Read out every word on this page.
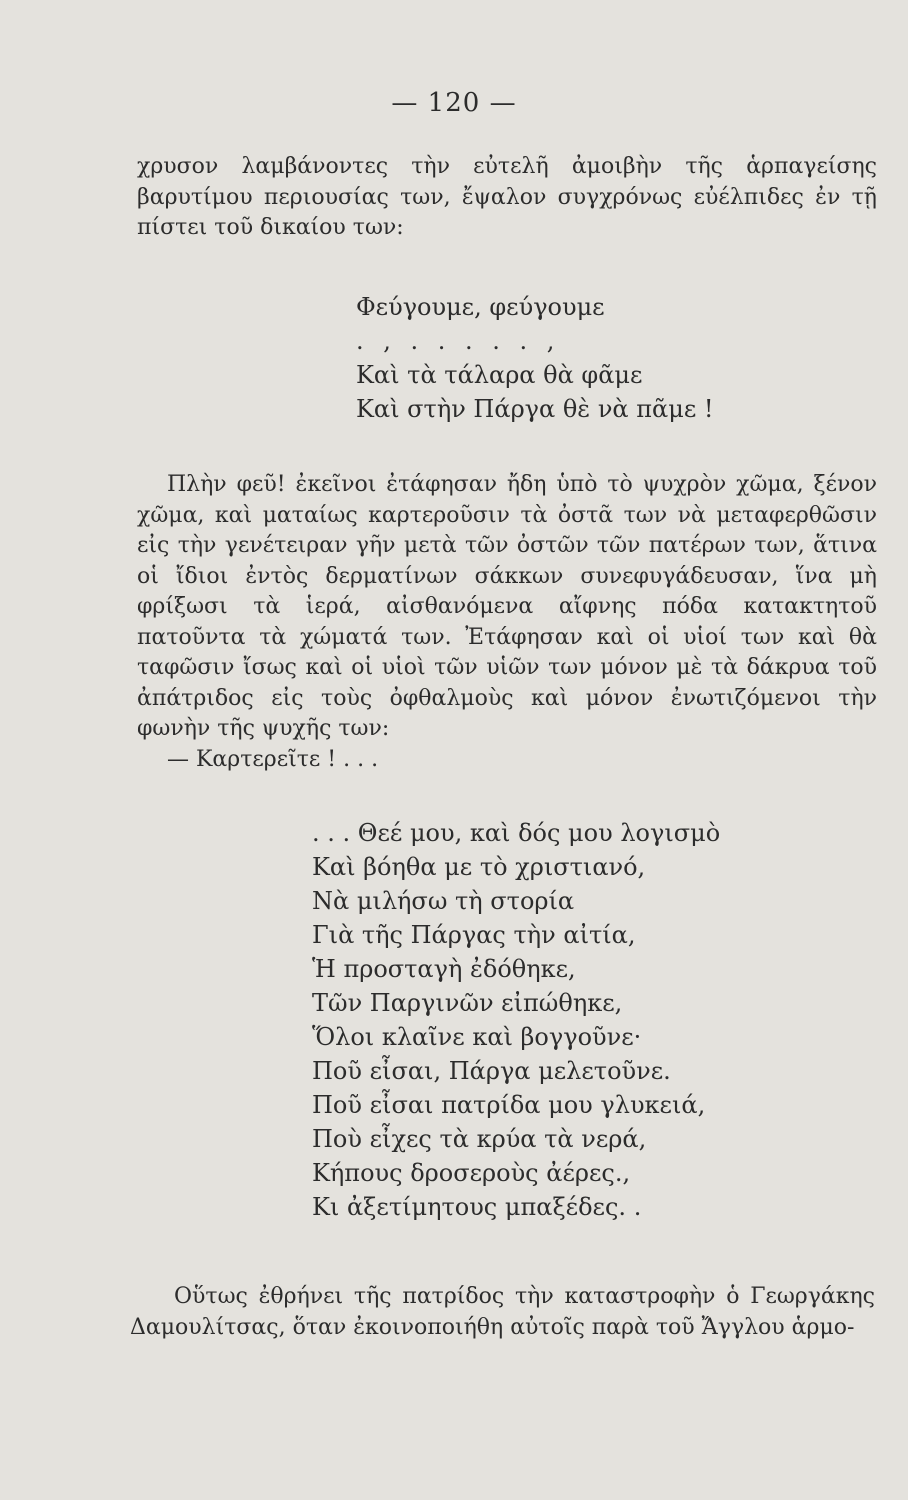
— 120 —

χρυσον λαμβάνοντες τὴν εὐτελῆ ἀμοιβὴν τῆς ἁρπαγείσης βαρυτίμου περιουσίας των, ἔψαλον συγχρόνως εὐέλπιδες ἐν τῇ πίστει τοῦ δικαίου των:

Φεύγουμε, φεύγουμε
. , . . . . . ,
Καὶ τὰ τάλαρα θὰ φᾶμε
Καὶ στὴν Πάργα θὲ νὰ πᾶμε !

Πλὴν φεῦ! ἐκεῖνοι ἐτάφησαν ἤδη ὑπὸ τὸ ψυχρὸν χῶμα, ξένον χῶμα, καὶ ματαίως καρτεροῦσιν τὰ ὀστᾶ των νὰ μεταφερθῶσιν εἰς τὴν γενέτειραν γῆν μετὰ τῶν ὀστῶν τῶν πατέρων των, ἅτινα οἱ ἴδιοι ἐντὸς δερματίνων σάκκων συνεφυγάδευσαν, ἵνα μὴ φρίξωσι τὰ ἱερά, αἰσθανόμενα αἴφνης πόδα κατακτητοῦ πατοῦντα τὰ χώματά των. Ἐτάφησαν καὶ οἱ υἱοί των καὶ θὰ ταφῶσιν ἴσως καὶ οἱ υἱοὶ τῶν υἱῶν των μόνον μὲ τὰ δάκρυα τοῦ ἀπάτριδος εἰς τοὺς ὀφθαλμοὺς καὶ μόνον ἐνωτιζόμενοι τὴν φωνὴν τῆς ψυχῆς των:

— Καρτερεῖτε ! . . .

. . . Θεέ μου, καὶ δός μου λογισμὸ
Καὶ βόηθα με τὸ χριστιανό,
Νὰ μιλήσω τὴ στορία
Γιὰ τῆς Πάργας τὴν αἰτία,
Ἡ προσταγὴ ἐδόθηκε,
Τῶν Παργινῶν εἰπώθηκε,
Ὅλοι κλαῖνε καὶ βογγοῦνε·
Ποῦ εἶσαι, Πάργα μελετοῦνε.
Ποῦ εἶσαι πατρίδα μου γλυκειά,
Ποὺ εἶχες τὰ κρύα τὰ νερά,
Κήπους δροσεροὺς ἀέρες.,
Κι ἀξετίμητους μπαξέδες. .

Οὕτως ἐθρήνει τῆς πατρίδος τὴν καταστροφὴν ὁ Γεωργάκης Δαμουλίτσας, ὅταν ἐκοινοποιήθη αὐτοῖς παρὰ τοῦ Ἄγγλου ἁρμο-
